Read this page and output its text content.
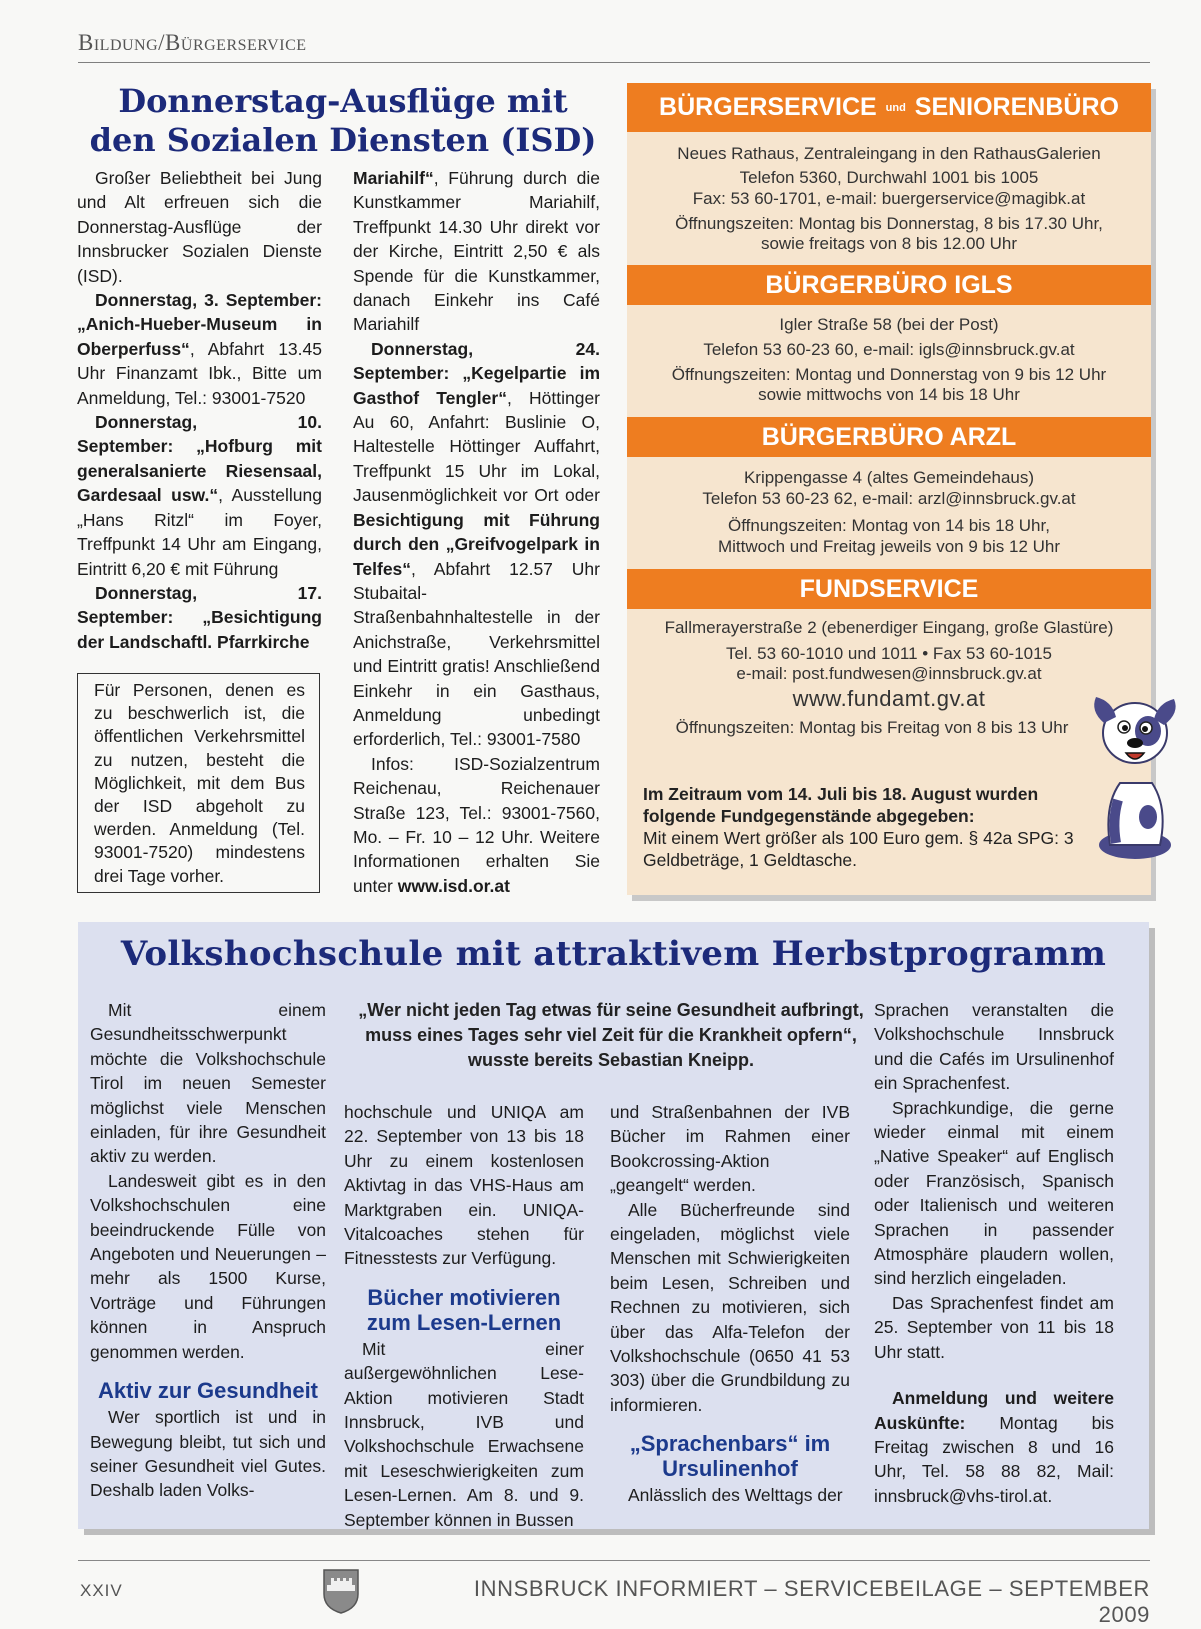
Bildung/Bürgerservice
Donnerstag-Ausflüge mit
den Sozialen Diensten (ISD)

Großer Beliebtheit bei Jung und Alt erfreuen sich die Donnerstag-Ausflüge der Innsbrucker Sozialen Dienste (ISD).

Donnerstag, 3. September: „Anich-Hueber-Museum in Oberperfuss“, Abfahrt 13.45 Uhr Finanzamt Ibk., Bitte um Anmeldung, Tel.: 93001-7520

Donnerstag, 10. September: „Hofburg mit generalsanierte Riesensaal, Gardesaal usw.“, Ausstellung „Hans Ritzl“ im Foyer, Treffpunkt 14 Uhr am Eingang, Eintritt 6,20 € mit Führung

Donnerstag, 17. September: „Besichtigung der Landschaftl. Pfarrkirche

Für Personen, denen es zu beschwerlich ist, die öffentlichen Verkehrsmittel zu nutzen, besteht die Möglichkeit, mit dem Bus der ISD abgeholt zu werden. Anmeldung (Tel. 93001-7520) mindestens drei Tage vorher.

Mariahilf“, Führung durch die Kunstkammer Mariahilf, Treffpunkt 14.30 Uhr direkt vor der Kirche, Eintritt 2,50 € als Spende für die Kunstkammer, danach Einkehr ins Café Mariahilf

Donnerstag, 24. September: „Kegelpartie im Gasthof Tengler“, Höttinger Au 60, Anfahrt: Buslinie O, Haltestelle Höttinger Auffahrt, Treffpunkt 15 Uhr im Lokal, Jausenmöglichkeit vor Ort oder Besichtigung mit Führung durch den „Greifvogelpark in Telfes“, Abfahrt 12.57 Uhr Stubaital-Straßenbahnhaltestelle in der Anichstraße, Verkehrsmittel und Eintritt gratis! Anschließend Einkehr in ein Gasthaus, Anmeldung unbedingt erforderlich, Tel.: 93001-7580

Infos: ISD-Sozialzentrum Reichenau, Reichenauer Straße 123, Tel.: 93001-7560, Mo. – Fr. 10 – 12 Uhr. Weitere Informationen erhalten Sie unter www.isd.or.at

BÜRGERSERVICE und SENIORENBÜRO
Neues Rathaus, Zentraleingang in den RathausGalerien
Telefon 5360, Durchwahl 1001 bis 1005
Fax: 53 60-1701, e-mail: buergerservice@magibk.at
Öffnungszeiten: Montag bis Donnerstag, 8 bis 17.30 Uhr,
sowie freitags von 8 bis 12.00 Uhr
BÜRGERBÜRO IGLS
Igler Straße 58 (bei der Post)
Telefon 53 60-23 60, e-mail: igls@innsbruck.gv.at
Öffnungszeiten: Montag und Donnerstag von 9 bis 12 Uhr
sowie mittwochs von 14 bis 18 Uhr
BÜRGERBÜRO ARZL
Krippengasse 4 (altes Gemeindehaus)
Telefon 53 60-23 62, e-mail: arzl@innsbruck.gv.at
Öffnungszeiten: Montag von 14 bis 18 Uhr,
Mittwoch und Freitag jeweils von 9 bis 12 Uhr
FUNDSERVICE
Fallmerayerstraße 2 (ebenerdiger Eingang, große Glastüre)
Tel. 53 60-1010 und 1011 • Fax 53 60-1015
e-mail: post.fundwesen@innsbruck.gv.at
www.fundamt.gv.at
Öffnungszeiten: Montag bis Freitag von 8 bis 13 Uhr
Im Zeitraum vom 14. Juli bis 18. August wurden folgende Fundgegenstände abgegeben:
Mit einem Wert größer als 100 Euro gem. § 42a SPG: 3 Geldbeträge, 1 Geldtasche.
Volkshochschule mit attraktivem Herbstprogramm
„Wer nicht jeden Tag etwas für seine Gesundheit aufbringt, muss eines Tages sehr viel Zeit für die Krankheit opfern“, wusste bereits Sebastian Kneipp.

Mit einem Gesundheitsschwerpunkt möchte die Volkshochschule Tirol im neuen Semester möglichst viele Menschen einladen, für ihre Gesundheit aktiv zu werden.

Landesweit gibt es in den Volkshochschulen eine beeindruckende Fülle von Angeboten und Neuerungen – mehr als 1500 Kurse, Vorträge und Führungen können in Anspruch genommen werden.

Aktiv zur Gesundheit

Wer sportlich ist und in Bewegung bleibt, tut sich und seiner Gesundheit viel Gutes. Deshalb laden Volks-

hochschule und UNIQA am 22. September von 13 bis 18 Uhr zu einem kostenlosen Aktivtag in das VHS-Haus am Marktgraben ein. UNIQA-Vitalcoaches stehen für Fitnesstests zur Verfügung.

Bücher motivieren zum Lesen-Lernen

Mit einer außergewöhnlichen Lese-Aktion motivieren Stadt Innsbruck, IVB und Volkshochschule Erwachsene mit Leseschwierigkeiten zum Lesen-Lernen. Am 8. und 9. September können in Bussen

und Straßenbahnen der IVB Bücher im Rahmen einer Bookcrossing-Aktion „geangelt“ werden.

Alle Bücherfreunde sind eingeladen, möglichst viele Menschen mit Schwierigkeiten beim Lesen, Schreiben und Rechnen zu motivieren, sich über das Alfa-Telefon der Volkshochschule (0650 41 53 303) über die Grundbildung zu informieren.

„Sprachenbars“ im Ursulinenhof

Anlässlich des Welttags der

Sprachen veranstalten die Volkshochschule Innsbruck und die Cafés im Ursulinenhof ein Sprachenfest.

Sprachkundige, die gerne wieder einmal mit einem „Native Speaker“ auf Englisch oder Französisch, Spanisch oder Italienisch und weiteren Sprachen in passender Atmosphäre plaudern wollen, sind herzlich eingeladen.

Das Sprachenfest findet am 25. September von 11 bis 18 Uhr statt.

Anmeldung und weitere Auskünfte: Montag bis Freitag zwischen 8 und 16 Uhr, Tel. 58 88 82, Mail: innsbruck@vhs-tirol.at.

XXIV	INNSBRUCK INFORMIERT – SERVICEBEILAGE – SEPTEMBER 2009
